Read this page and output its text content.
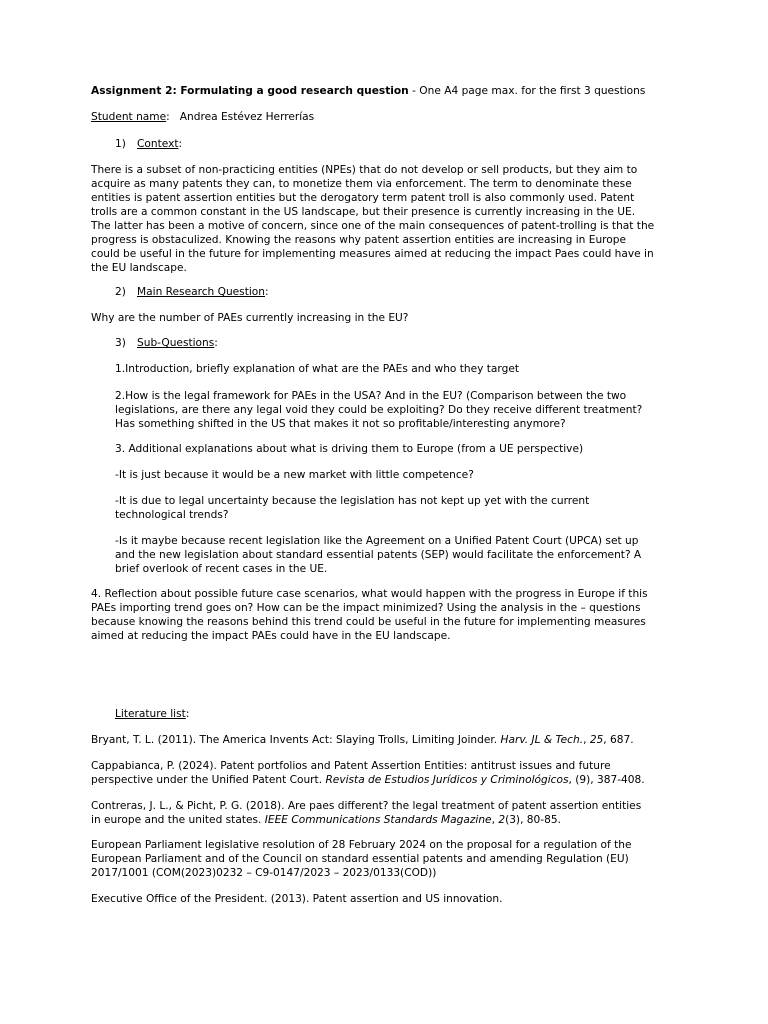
Assignment 2: Formulating a good research question - One A4 page max. for the first 3 questions
Student name:   Andrea Estévez Herrerías
1) Context:
There is a subset of non-practicing entities (NPEs) that do not develop or sell products, but they aim to
acquire as many patents they can, to monetize them via enforcement. The term to denominate these
entities is patent assertion entities but the derogatory term patent troll is also commonly used. Patent
trolls are a common constant in the US landscape, but their presence is currently increasing in the UE.
The latter has been a motive of concern, since one of the main consequences of patent-trolling is that the
progress is obstaculized. Knowing the reasons why patent assertion entities are increasing in Europe
could be useful in the future for implementing measures aimed at reducing the impact Paes could have in
the EU landscape.
2) Main Research Question:
Why are the number of PAEs currently increasing in the EU?
3) Sub-Questions:
1.Introduction, briefly explanation of what are the PAEs and who they target
2.How is the legal framework for PAEs in the USA? And in the EU? (Comparison between the two
legislations, are there any legal void they could be exploiting? Do they receive different treatment?
Has something shifted in the US that makes it not so profitable/interesting anymore?
3. Additional explanations about what is driving them to Europe (from a UE perspective)
-It is just because it would be a new market with little competence?
-It is due to legal uncertainty because the legislation has not kept up yet with the current
technological trends?
-Is it maybe because recent legislation like the Agreement on a Unified Patent Court (UPCA) set up
and the new legislation about standard essential patents (SEP) would facilitate the enforcement? A
brief overlook of recent cases in the UE.
4. Reflection about possible future case scenarios, what would happen with the progress in Europe if this
PAEs importing trend goes on? How can be the impact minimized? Using the analysis in the – questions
because knowing the reasons behind this trend could be useful in the future for implementing measures
aimed at reducing the impact PAEs could have in the EU landscape.
Literature list:
Bryant, T. L. (2011). The America Invents Act: Slaying Trolls, Limiting Joinder. Harv. JL & Tech., 25, 687.
Cappabianca, P. (2024). Patent portfolios and Patent Assertion Entities: antitrust issues and future
perspective under the Unified Patent Court. Revista de Estudios Jurídicos y Criminológicos, (9), 387-408.
Contreras, J. L., & Picht, P. G. (2018). Are paes different? the legal treatment of patent assertion entities
in europe and the united states. IEEE Communications Standards Magazine, 2(3), 80-85.
European Parliament legislative resolution of 28 February 2024 on the proposal for a regulation of the
European Parliament and of the Council on standard essential patents and amending Regulation (EU)
2017/1001 (COM(2023)0232 – C9-0147/2023 – 2023/0133(COD))
Executive Office of the President. (2013). Patent assertion and US innovation.
